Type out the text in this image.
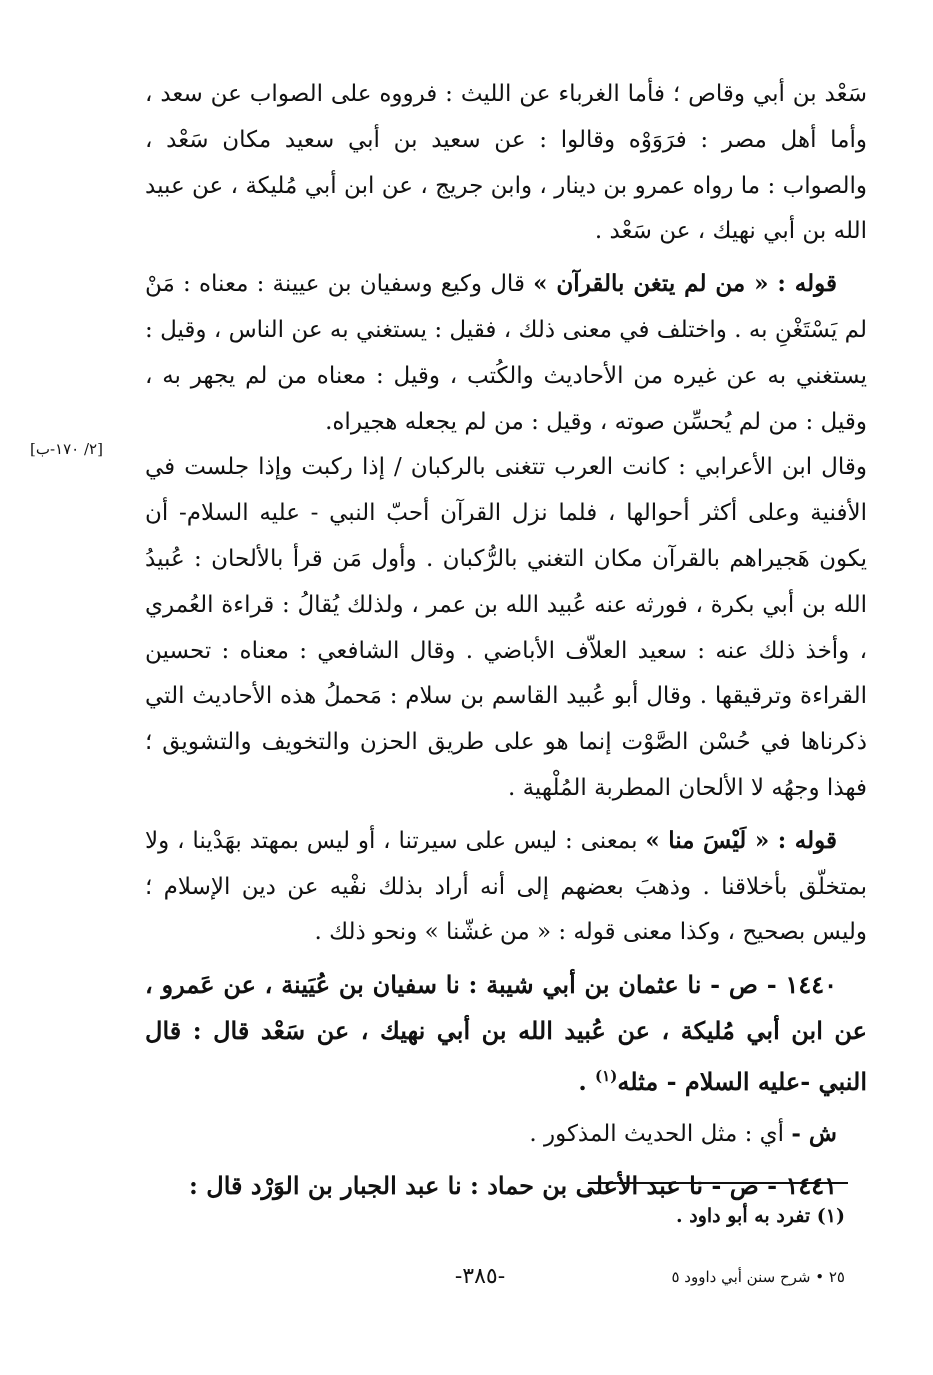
سَعْد بن أبي وقاص ؛ فأما الغرباء عن الليث : فرووه على الصواب عن سعد ، وأما أهل مصر : فرَوَوْه وقالوا : عن سعيد بن أبي سعيد مكان سَعْد ، والصواب : ما رواه عمرو بن دينار ، وابن جريج ، عن ابن أبي مُليكة ، عن عبيد الله بن أبي نهيك ، عن سَعْد .

قوله : « من لم يتغن بالقرآن » قال وكيع وسفيان بن عيينة : معناه : مَنْ لم يَسْتَغْنِ به . واختلف في معنى ذلك ، فقيل : يستغني به عن الناس ، وقيل : يستغني به عن غيره من الأحاديث والكُتب ، وقيل : معناه من لم يجهر به ، وقيل : من لم يُحسِّن صوته ، وقيل : من لم يجعله هجيراه.

وقال ابن الأعرابي : كانت العرب تتغنى بالركبان / إذا ركبت وإذا جلست في الأفنية وعلى أكثر أحوالها ، فلما نزل القرآن أحبّ النبي - عليه السلام- أن يكون هَجيراهم بالقرآن مكان التغني بالرُّكبان . وأول مَن قرأ بالألحان : عُبيدُ الله بن أبي بكرة ، فورثه عنه عُبيد الله بن عمر ، ولذلك يُقالُ : قراءة العُمري ، وأخذ ذلك عنه : سعيد العلاّف الأباضي . وقال الشافعي : معناه : تحسين القراءة وترقيقها . وقال أبو عُبيد القاسم بن سلام : مَحملُ هذه الأحاديث التي ذكرناها في حُسْن الصَّوْت إنما هو على طريق الحزن والتخويف والتشويق ؛ فهذا وجهُه لا الألحان المطربة المُلْهية .

قوله : « لَيْسَ منا » بمعنى : ليس على سيرتنا ، أو ليس بمهتد بهَدْينا ، ولا بمتخلّق بأخلاقنا . وذهبَ بعضهم إلى أنه أراد بذلك نفْيه عن دين الإسلام ؛ وليس بصحيح ، وكذا معنى قوله : « من غشّنا » ونحو ذلك .

١٤٤٠ - ص - نا عثمان بن أبي شيبة : نا سفيان بن عُيَينة ، عن عَمرو ، عن ابن أبي مُليكة ، عن عُبيد الله بن أبي نهيك ، عن سَعْد قال : قال النبي -عليه السلام - مثله$^{(١)}$ .

ش - أي : مثل الحديث المذكور .

١٤٤١ - ص - نا عبد الأعلى بن حماد : نا عبد الجبار بن الوَرْد قال :

[٢/ ١٧٠-ب]
(١) تفرد به أبو داود .
٢٥ • شرح سنن أبي داوود ٥
-٣٨٥-
